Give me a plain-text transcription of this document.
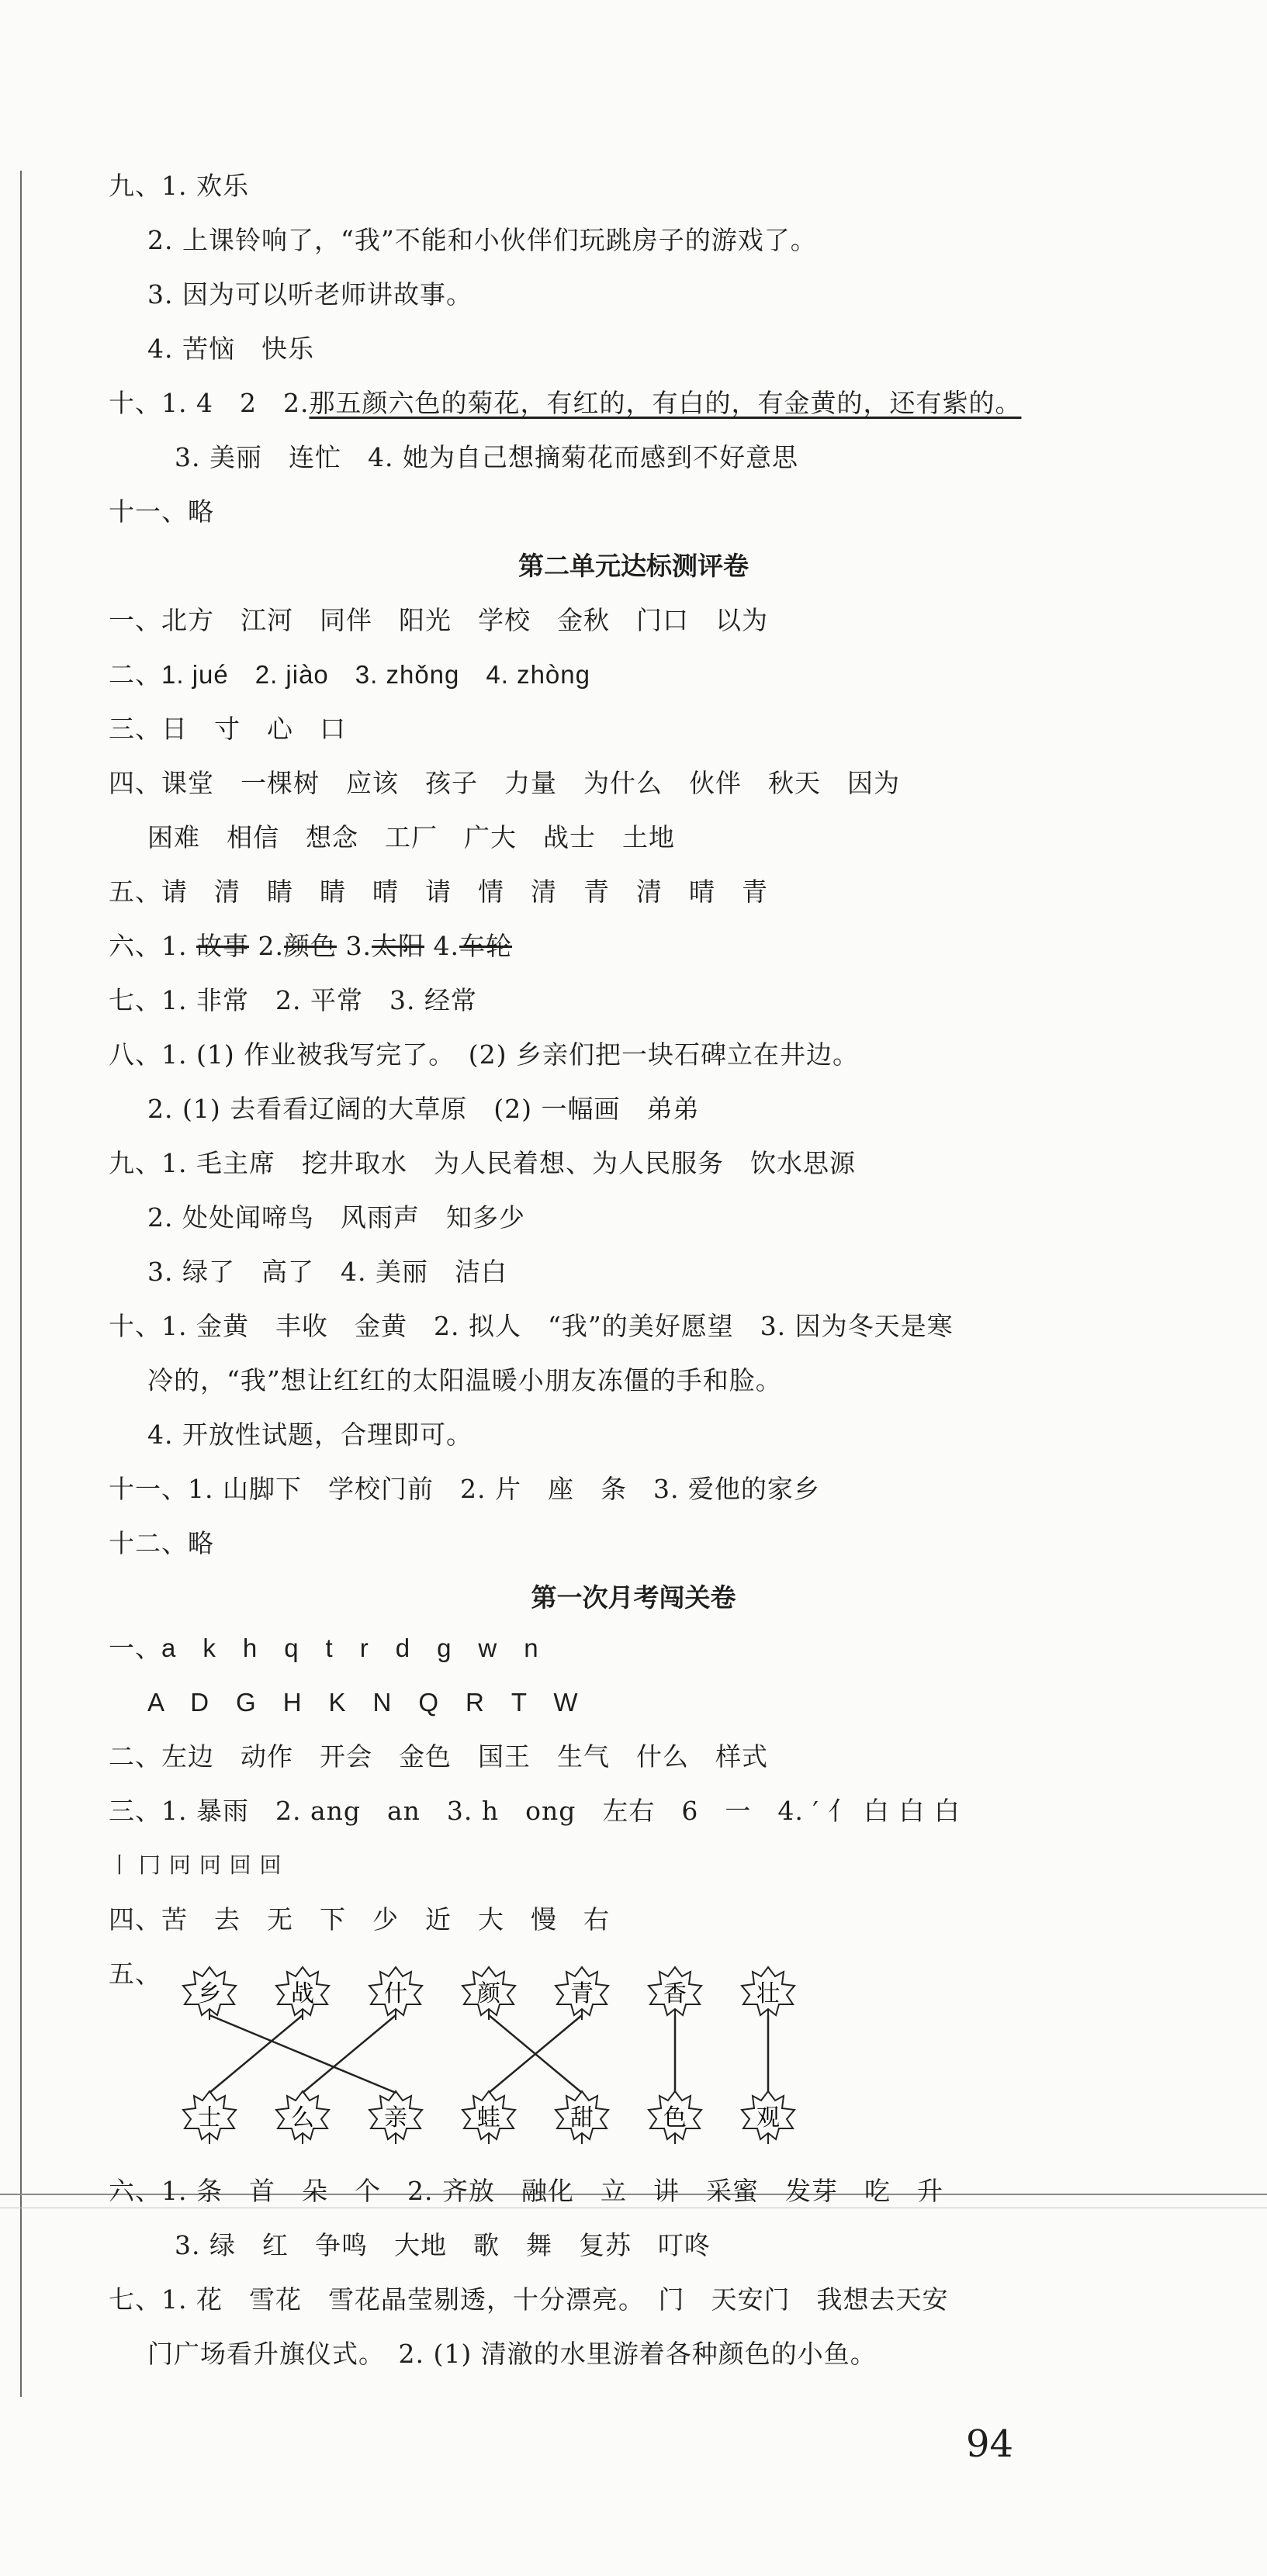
九、1. 欢乐
2. 上课铃响了，“我”不能和小伙伴们玩跳房子的游戏了。
3. 因为可以听老师讲故事。
4. 苦恼　快乐
十、1. 4　2　2.那五颜六色的菊花，有红的，有白的，有金黄的，还有紫的。
3. 美丽　连忙　4. 她为自己想摘菊花而感到不好意思
十一、略
第二单元达标测评卷
一、北方　江河　同伴　阳光　学校　金秋　门口　以为
二、1. jué　2. jiào　3. zhǒng　4. zhòng
三、日　寸　心　口
四、课堂　一棵树　应该　孩子　力量　为什么　伙伴　秋天　因为
困难　相信　想念　工厂　广大　战士　土地
五、请　清　睛　睛　晴　请　情　清　青　清　晴　青
六、1. 故事 2.颜色 3.太阳 4.车轮
七、1. 非常　2. 平常　3. 经常
八、1. (1) 作业被我写完了。　(2) 乡亲们把一块石碑立在井边。
2. (1) 去看看辽阔的大草原　(2) 一幅画　弟弟
九、1. 毛主席　挖井取水　为人民着想、为人民服务　饮水思源
2. 处处闻啼鸟　风雨声　知多少
3. 绿了　高了　4. 美丽　洁白
十、1. 金黄　丰收　金黄　2. 拟人　“我”的美好愿望　3. 因为冬天是寒
冷的，“我”想让红红的太阳温暖小朋友冻僵的手和脸。
4. 开放性试题，合理即可。
十一、1. 山脚下　学校门前　2. 片　座　条　3. 爱他的家乡
十二、略
第一次月考闯关卷
一、a　k　h　q　t　r　d　g　w　n
A　D　G　H　K　N　Q　R　T　W
二、左边　动作　开会　金色　国王　生气　什么　样式
三、1. 暴雨　2. ang　an　3. h　ong　左右　6　一　4. ′ 亻 白 白 白
丨 冂 冋 冋 回 回
四、苦　去　无　下　少　近　大　慢　右
五、
乡	战	什	颜	青	香	壮
士	么	亲	蛙	甜	色	观
六、1. 条　首　朵　个　2. 齐放　融化　立　讲　采蜜　发芽　吃　升
3. 绿　红　争鸣　大地　歌　舞　复苏　叮咚
七、1. 花　雪花　雪花晶莹剔透，十分漂亮。　门　天安门　我想去天安
门广场看升旗仪式。　2. (1) 清澈的水里游着各种颜色的小鱼。
94
